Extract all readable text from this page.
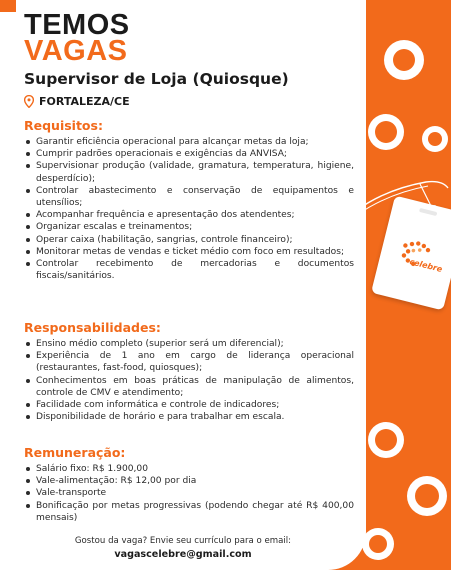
celebre
TEMOS
VAGAS
Supervisor de Loja (Quiosque)
FORTALEZA/CE
Requisitos:
Garantir eficiência operacional para alcançar metas da loja;
Cumprir padrões operacionais e exigências da ANVISA;
Supervisionar produção (validade, gramatura, temperatura, higiene, desperdício);
Controlar abastecimento e conservação de equipamentos e utensílios;
Acompanhar frequência e apresentação dos atendentes;
Organizar escalas e treinamentos;
Operar caixa (habilitação, sangrias, controle financeiro);
Monitorar metas de vendas e ticket médio com foco em resultados;
Controlar recebimento de mercadorias e documentos fiscais/sanitários.
Responsabilidades:
Ensino médio completo (superior será um diferencial);
Experiência de 1 ano em cargo de liderança operacional (restaurantes, fast-food, quiosques);
Conhecimentos em boas práticas de manipulação de alimentos, controle de CMV e atendimento;
Facilidade com informática e controle de indicadores;
Disponibilidade de horário e para trabalhar em escala.
Remuneração:
Salário fixo: R$ 1.900,00
Vale-alimentação: R$ 12,00 por dia
Vale-transporte
Bonificação por metas progressivas (podendo chegar até R$ 400,00 mensais)
Gostou da vaga? Envie seu currículo para o email:
vagascelebre@gmail.com
